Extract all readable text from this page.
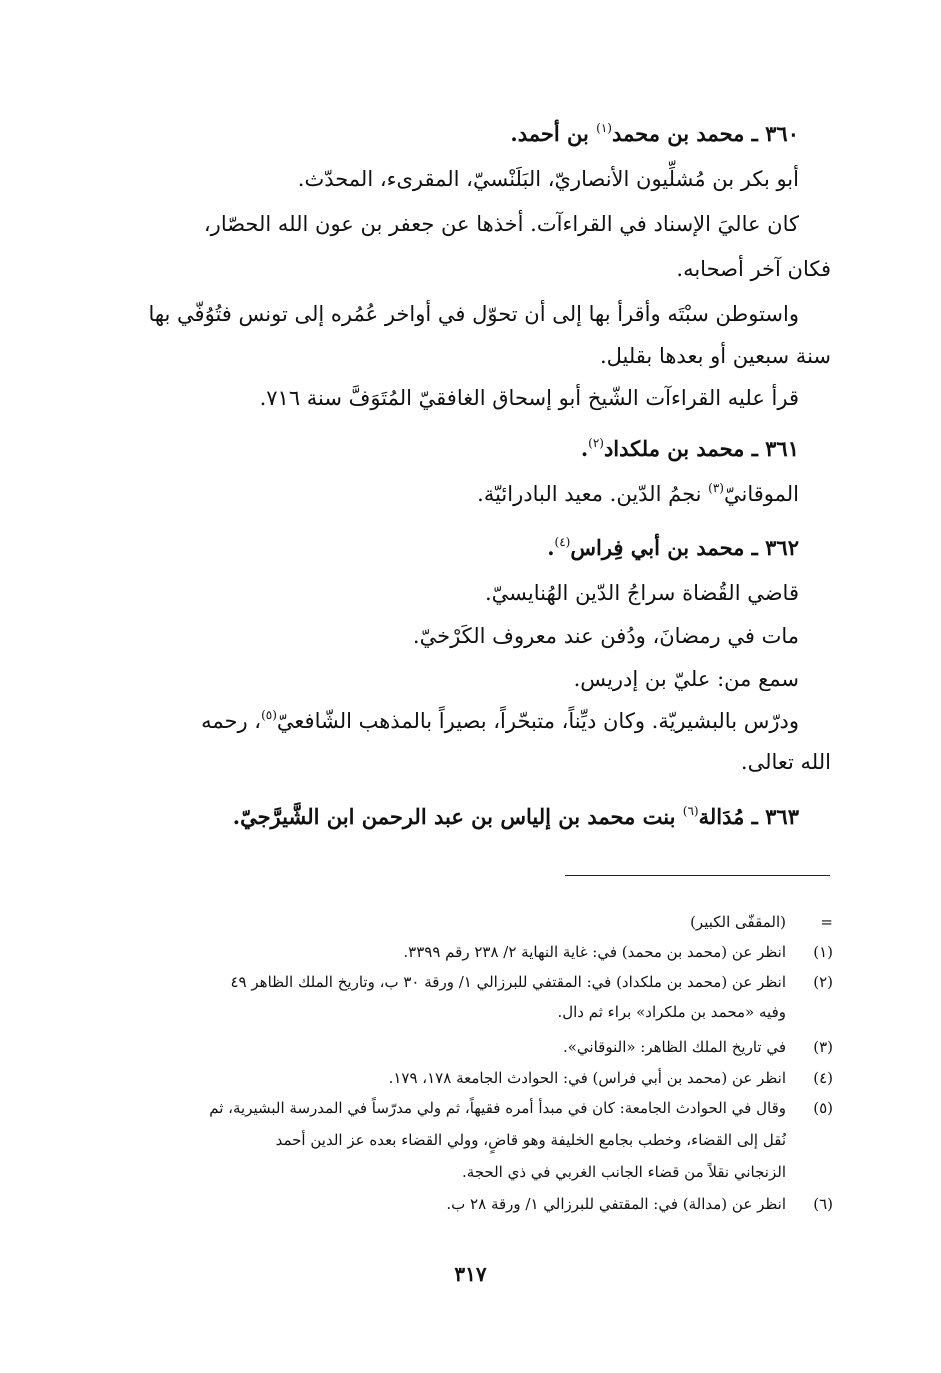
٣٦٠ ـ محمد بن محمد$^{(١)}$ بن أحمد.
أبو بكر بن مُشلِّيون الأنصاريّ، البَلَنْسيّ، المقرىء، المحدّث.
كان عاليَ الإسناد في القراءآت. أخذها عن جعفر بن عون الله الحصّار،
فكان آخر أصحابه.
واستوطن سبْتَه وأقرأ بها إلى أن تحوّل في أواخر عُمُره إلى تونس فتُوُفّي بها
سنة سبعين أو بعدها بقليل.
قرأ عليه القراءآت الشّيخ أبو إسحاق الغافقيّ المُتَوَفَّ سنة ٧١٦.
٣٦١ ـ محمد بن ملكداد$^{(٢)}$.
الموقانيّ$^{(٣)}$ نجمُ الدّين. معيد البادرائيّة.
٣٦٢ ـ محمد بن أبي فِراس$^{(٤)}$.
قاضي القُضاة سراجُ الدّين الهُنايسيّ.
مات في رمضانَ، ودُفن عند معروف الكَرْخيّ.
سمع من: عليّ بن إدريس.
ودرّس بالبشيريّة. وكان ديِّناً، متبحّراً، بصيراً بالمذهب الشّافعيّ$^{(٥)}$، رحمه
الله تعالى.
٣٦٣ ـ مُدَالة$^{(٦)}$ بنت محمد بن إلياس بن عبد الرحمن ابن الشَّيرَّجيّ.
=
(المقفّى الكبير)
(١)
انظر عن (محمد بن محمد) في: غاية النهاية ٢/ ٢٣٨ رقم ٣٣٩٩.
(٢)
انظر عن (محمد بن ملكداد) في: المقتفي للبرزالي ١/ ورقة ٣٠ ب، وتاريخ الملك الظاهر ٤٩
وفيه «محمد بن ملكراد» براء ثم دال.
(٣)
في تاريخ الملك الظاهر: «النوقاني».
(٤)
انظر عن (محمد بن أبي فراس) في: الحوادث الجامعة ١٧٨، ١٧٩.
(٥)
وقال في الحوادث الجامعة: كان في مبدأ أمره فقيهاً، ثم ولي مدرّساً في المدرسة البشيرية، ثم
نُقل إلى القضاء، وخطب بجامع الخليفة وهو قاضٍ، وولي القضاء بعده عز الدين أحمد
الزنجاني نقلاً من قضاء الجانب الغربي في ذي الحجة.
(٦)
انظر عن (مدالة) في: المقتفي للبرزالي ١/ ورقة ٢٨ ب.
٣١٧
